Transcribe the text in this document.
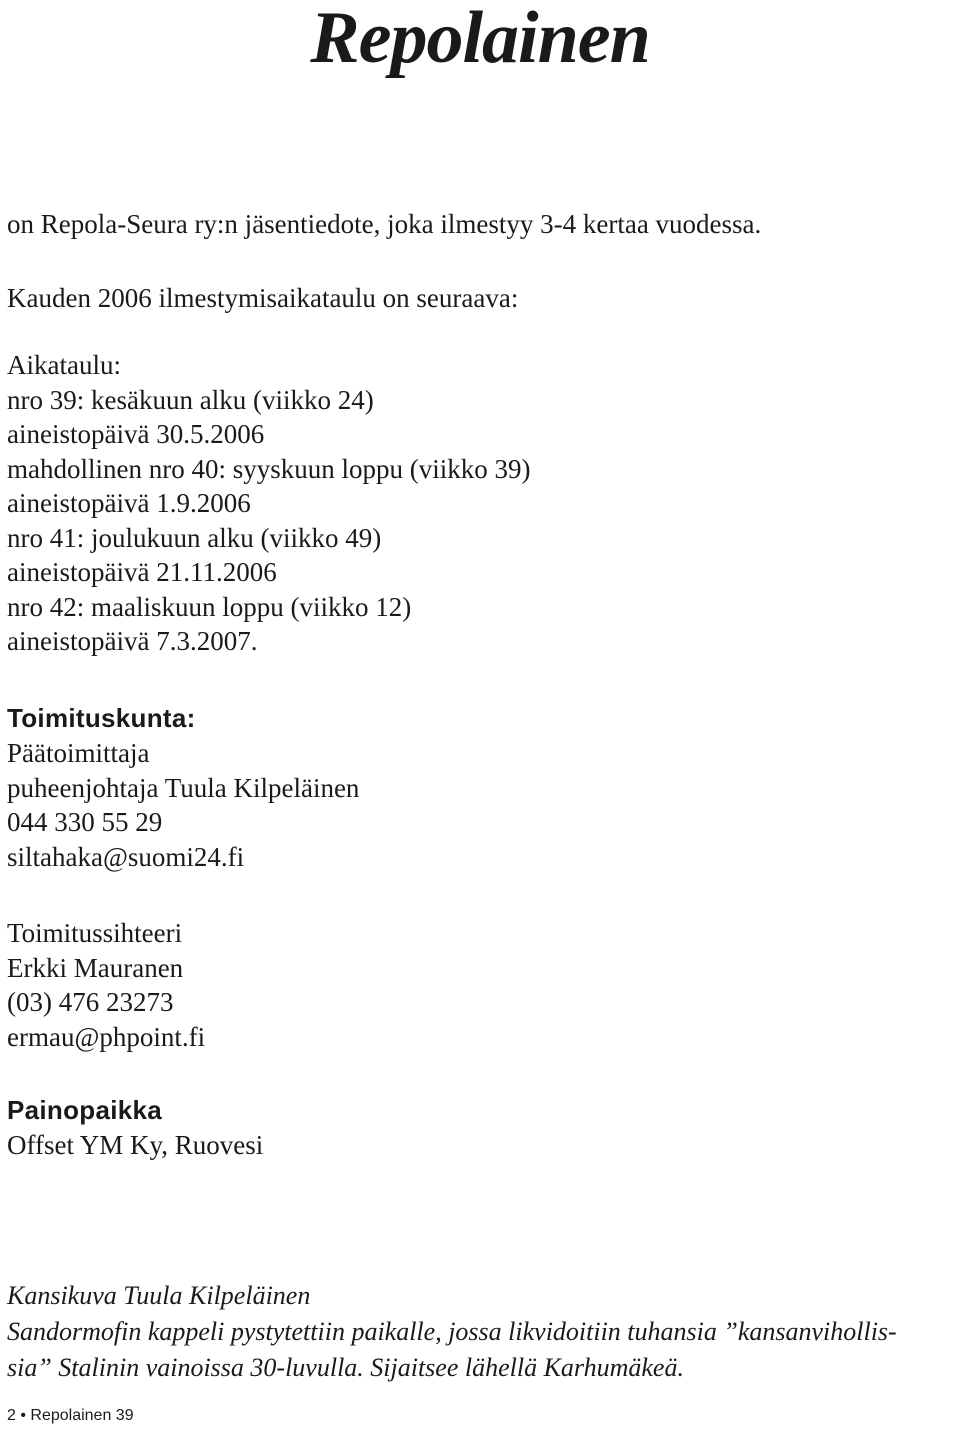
Repolainen
on Repola-Seura ry:n jäsentiedote, joka ilmestyy 3-4 kertaa vuodessa.
Kauden 2006 ilmestymisaikataulu on seuraava:
Aikataulu:
nro 39: kesäkuun alku (viikko 24)
aineistopäivä 30.5.2006
mahdollinen nro 40: syyskuun loppu (viikko 39)
aineistopäivä 1.9.2006
nro 41: joulukuun alku (viikko 49)
aineistopäivä 21.11.2006
nro 42: maaliskuun loppu (viikko 12)
aineistopäivä 7.3.2007.
Toimituskunta:
Päätoimittaja
puheenjohtaja Tuula Kilpeläinen
044 330 55 29
siltahaka@suomi24.fi
Toimitussihteeri
Erkki Mauranen
(03) 476 23273
ermau@phpoint.fi
Painopaikka
Offset YM Ky, Ruovesi
Kansikuva Tuula Kilpeläinen
Sandormofin kappeli pystytettiin paikalle, jossa likvidoitiin tuhansia ”kansanvihollis-
sia” Stalinin vainoissa 30-luvulla. Sijaitsee lähellä Karhumäkeä.
2 • Repolainen 39
